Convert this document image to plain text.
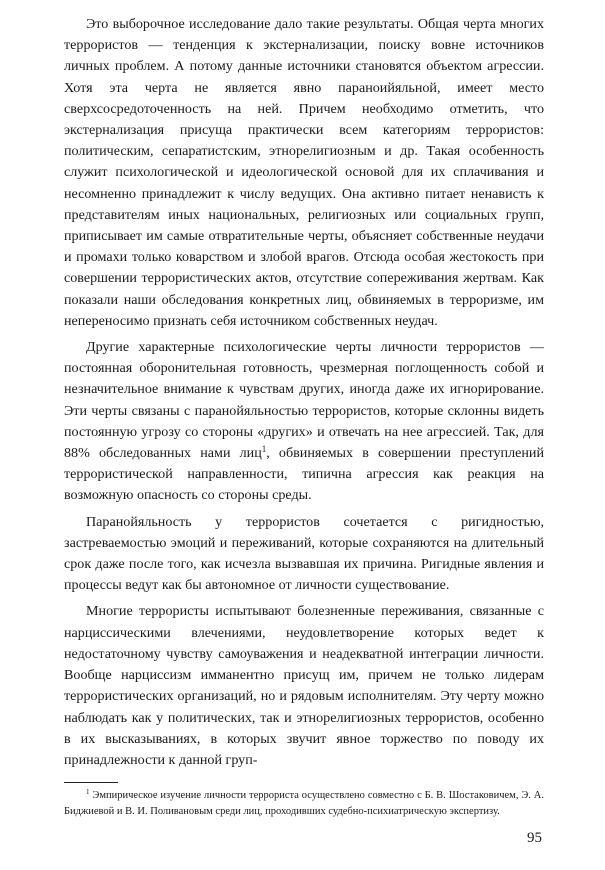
Это выборочное исследование дало такие результаты. Общая черта многих террористов — тенденция к экстернализации, поиску вовне источников личных проблем. А потому данные источники становятся объектом агрессии. Хотя эта черта не является явно параноийяльной, имеет место сверхсосредоточенность на ней. Причем необходимо отметить, что экстернализация присуща практически всем категориям террористов: политическим, сепаратистским, этнорелигиозным и др. Такая особенность служит психологической и идеологической основой для их сплачивания и несомненно принадлежит к числу ведущих. Она активно питает ненависть к представителям иных национальных, религиозных или социальных групп, приписывает им самые отвратительные черты, объясняет собственные неудачи и промахи только коварством и злобой врагов. Отсюда особая жестокость при совершении террористических актов, отсутствие сопереживания жертвам. Как показали наши обследования конкретных лиц, обвиняемых в терроризме, им непереносимо признать себя источником собственных неудач.

Другие характерные психологические черты личности террористов — постоянная оборонительная готовность, чрезмерная поглощенность собой и незначительное внимание к чувствам других, иногда даже их игнорирование. Эти черты связаны с паранойяльностью террористов, которые склонны видеть постоянную угрозу со стороны «других» и отвечать на нее агрессией. Так, для 88% обследованных нами лиц$^1$, обвиняемых в совершении преступлений террористической направленности, типична агрессия как реакция на возможную опасность со стороны среды.

Паранойяльность у террористов сочетается с ригидностью, застреваемостью эмоций и переживаний, которые сохраняются на длительный срок даже после того, как исчезла вызвавшая их причина. Ригидные явления и процессы ведут как бы автономное от личности существование.

Многие террористы испытывают болезненные переживания, связанные с нарциссическими влечениями, неудовлетворение которых ведет к недостаточному чувству самоуважения и неадекватной интеграции личности. Вообще нарциссизм имманентно присущ им, причем не только лидерам террористических организаций, но и рядовым исполнителям. Эту черту можно наблюдать как у политических, так и этнорелигиозных террористов, особенно в их высказываниях, в которых звучит явное торжество по поводу их принадлежности к данной груп-

$^1$ Эмпирическое изучение личности террориста осуществлено совместно с Б. В. Шостаковичем, Э. А. Биджиевой и В. И. Поливановым среди лиц, проходивших судебно-психиатрическую экспертизу.

95
